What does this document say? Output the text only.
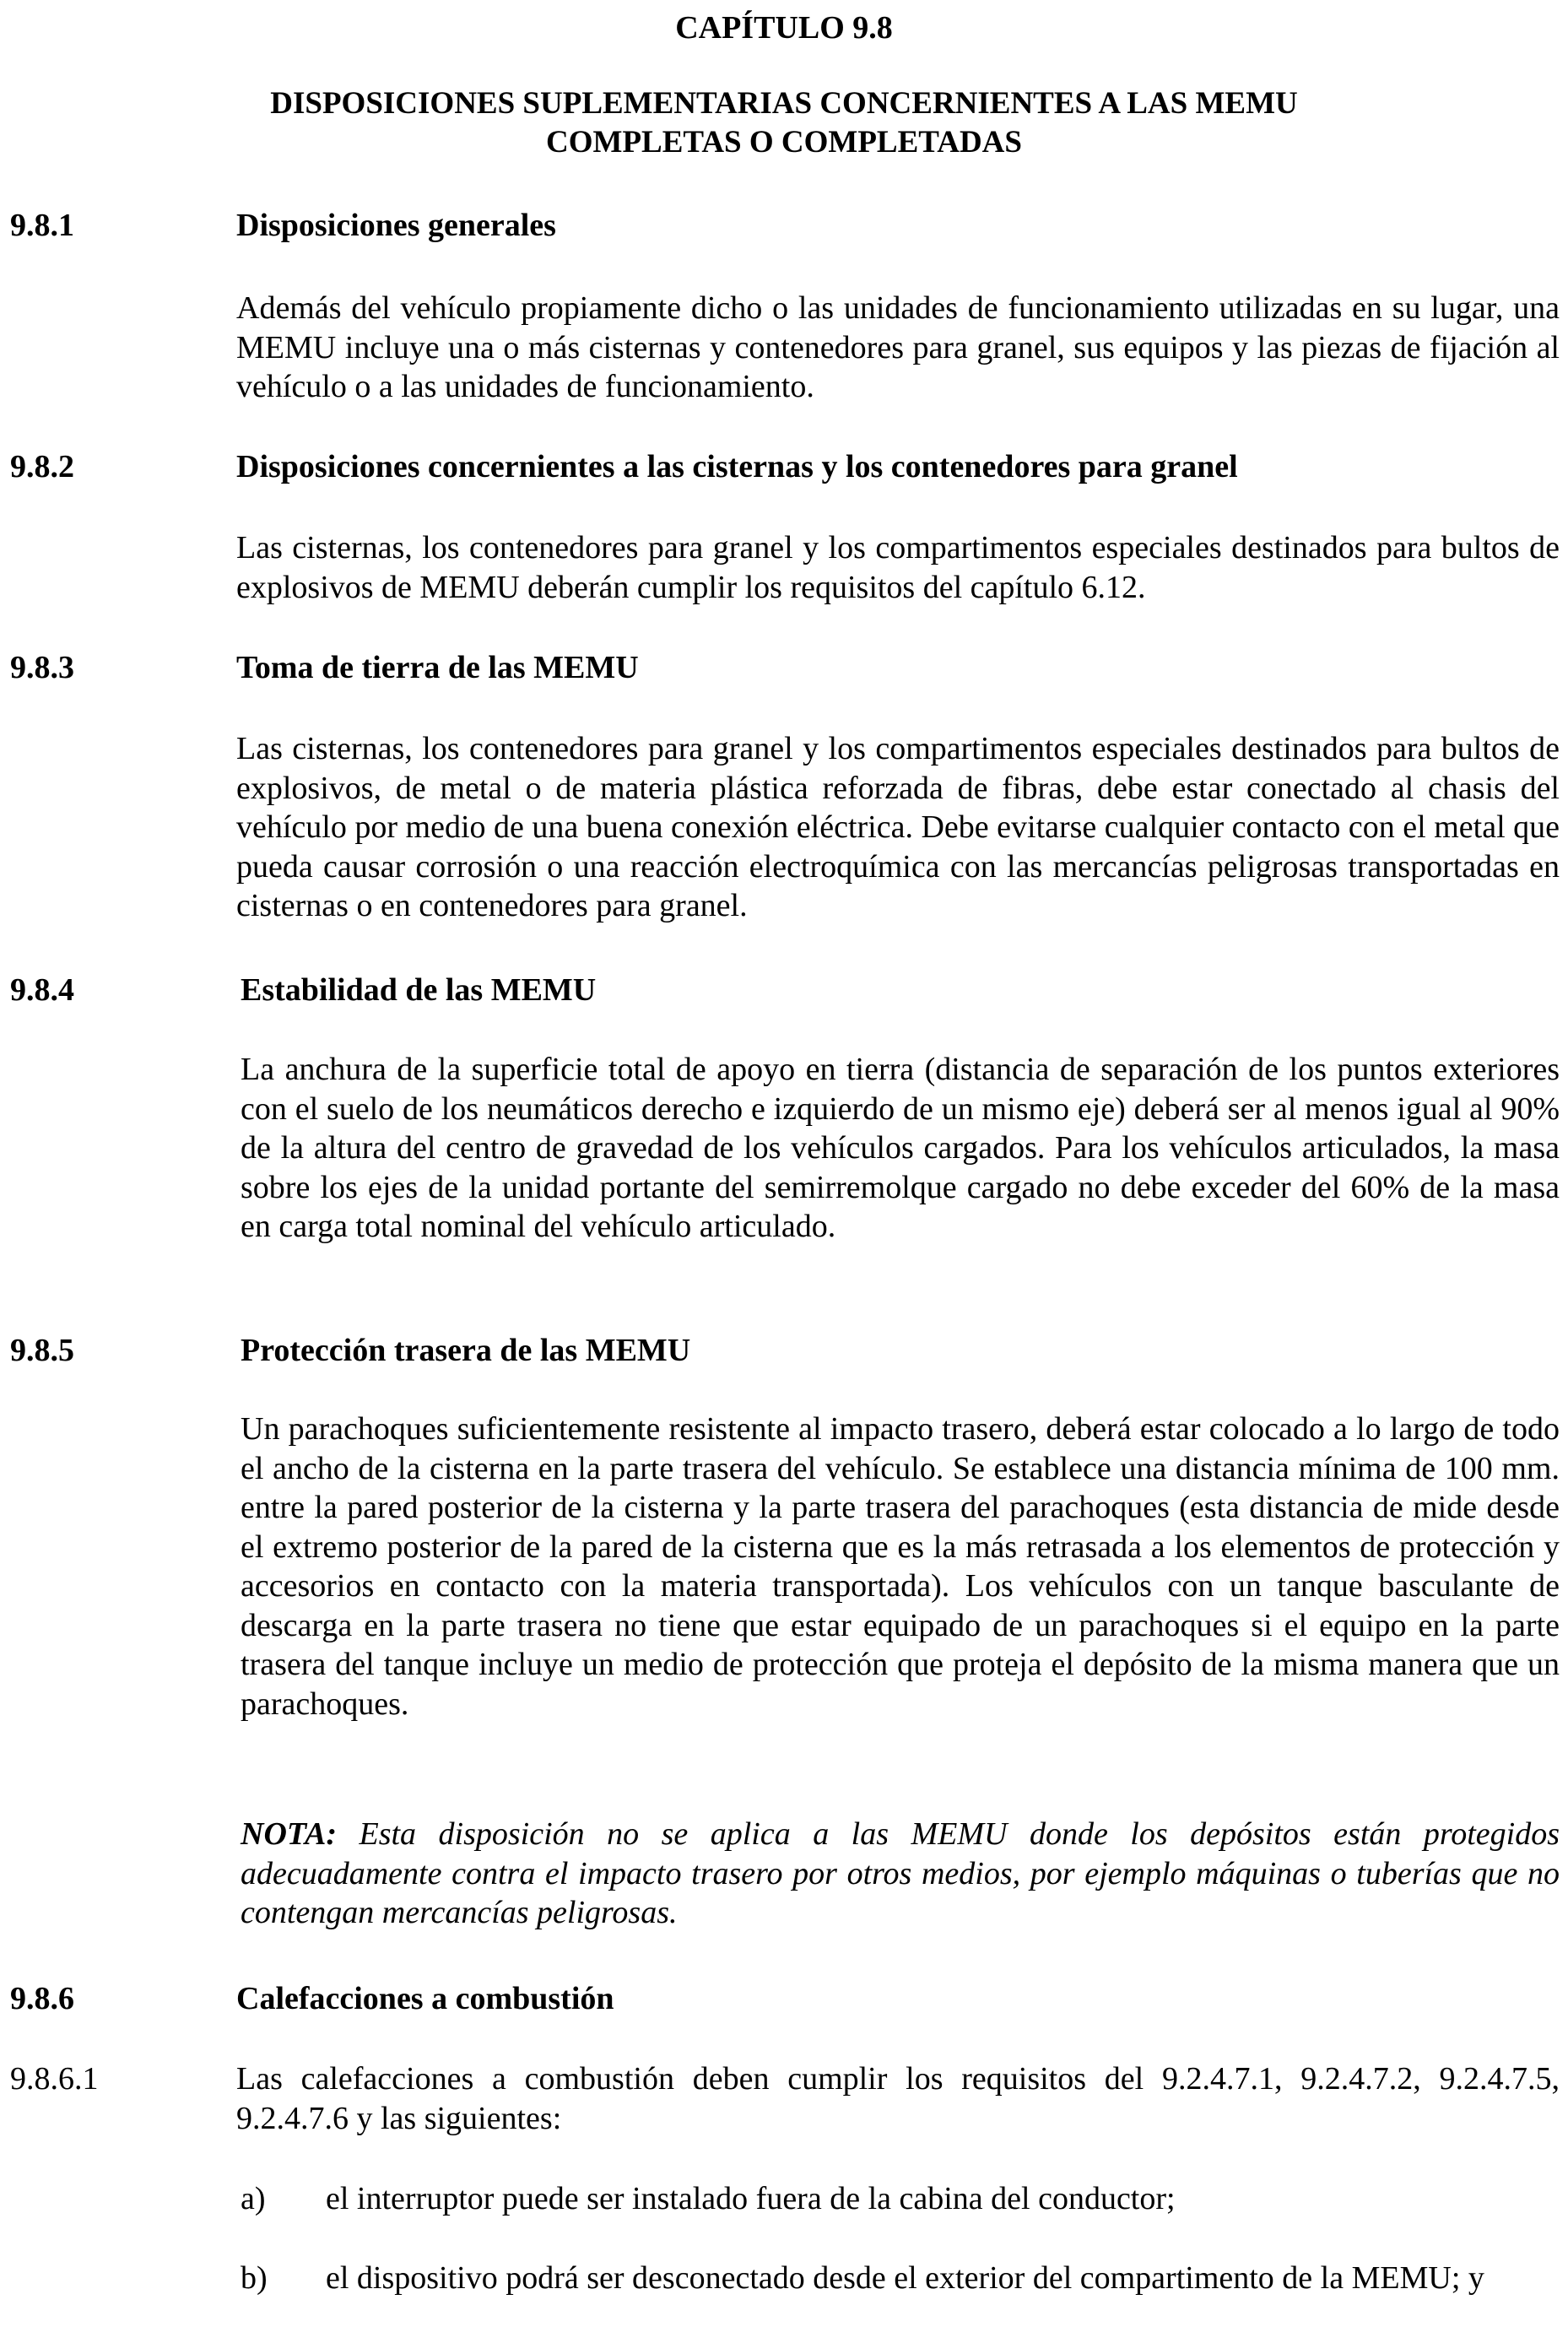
CAPÍTULO 9.8
DISPOSICIONES SUPLEMENTARIAS CONCERNIENTES A LAS MEMU
COMPLETAS O COMPLETADAS
9.8.1	Disposiciones generales
Además del vehículo propiamente dicho o las unidades de funcionamiento utilizadas en su lugar, una MEMU incluye una o más cisternas y contenedores para granel, sus equipos y las piezas de fijación al vehículo o a las unidades de funcionamiento.
9.8.2	Disposiciones concernientes a las cisternas y los contenedores para granel
Las cisternas, los contenedores para granel y los compartimentos especiales destinados para bultos de explosivos de MEMU deberán cumplir los requisitos del capítulo 6.12.
9.8.3	Toma de tierra de las MEMU
Las cisternas, los contenedores para granel y los compartimentos especiales destinados para bultos de explosivos, de metal o de materia plástica reforzada de fibras, debe estar conectado al chasis del vehículo por medio de una buena conexión eléctrica. Debe evitarse cualquier contacto con el metal que pueda causar corrosión o una reacción electroquímica con las mercancías peligrosas transportadas en cisternas o en contenedores para granel.
9.8.4	Estabilidad de las MEMU
La anchura de la superficie total de apoyo en tierra (distancia de separación de los puntos exteriores con el suelo de los neumáticos derecho e izquierdo de un mismo eje) deberá ser al menos igual al 90% de la altura del centro de gravedad de los vehículos cargados. Para los vehículos articulados, la masa sobre los ejes de la unidad portante del semirremolque cargado no debe exceder del 60% de la masa en carga total nominal del vehículo articulado.
9.8.5	Protección trasera de las MEMU
Un parachoques suficientemente resistente al impacto trasero, deberá estar colocado a lo largo de todo el ancho de la cisterna en la parte trasera del vehículo. Se establece una distancia mínima de 100 mm. entre la pared posterior de la cisterna y la parte trasera del parachoques (esta distancia de mide desde el extremo posterior de la pared de la cisterna que es la más retrasada a los elementos de protección y accesorios en contacto con la materia transportada). Los vehículos con un tanque basculante de descarga en la parte trasera no tiene que estar equipado de un parachoques si el equipo en la parte trasera del tanque incluye un medio de protección que proteja el depósito de la misma manera que un parachoques.
NOTA: Esta disposición no se aplica a las MEMU donde los depósitos están protegidos adecuadamente contra el impacto trasero por otros medios, por ejemplo máquinas o tuberías que no contengan mercancías peligrosas.
9.8.6	Calefacciones a combustión
9.8.6.1	Las calefacciones a combustión deben cumplir los requisitos del 9.2.4.7.1, 9.2.4.7.2, 9.2.4.7.5, 9.2.4.7.6 y las siguientes:
a) el interruptor puede ser instalado fuera de la cabina del conductor;
b) el dispositivo podrá ser desconectado desde el exterior del compartimento de la MEMU; y
